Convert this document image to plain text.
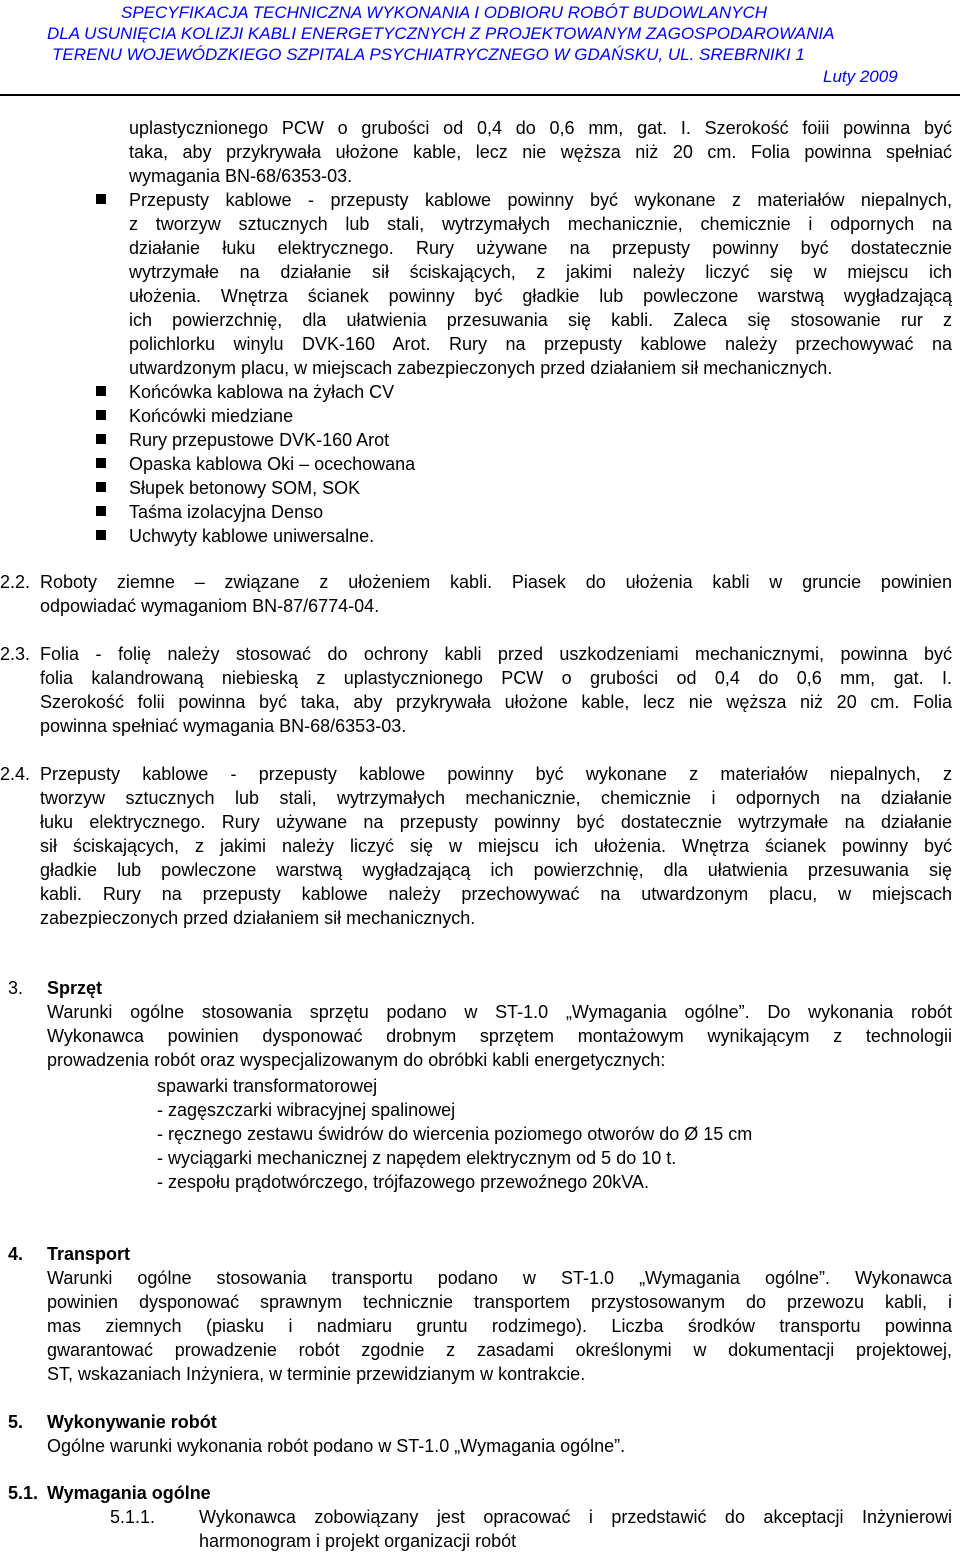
SPECYFIKACJA TECHNICZNA WYKONANIA I ODBIORU ROBÓT BUDOWLANYCH
DLA USUNIĘCIA KOLIZJI KABLI ENERGETYCZNYCH Z PROJEKTOWANYM ZAGOSPODAROWANIA
TERENU WOJEWÓDZKIEGO SZPITALA PSYCHIATRYCZNEGO W GDAŃSKU, UL. SREBRNIKI 1
Luty 2009

uplastycznionego PCW o grubości od 0,4 do 0,6 mm, gat. I. Szerokość foiii powinna być

taka, aby przykrywała ułożone kable, lecz nie węższa niż 20 cm. Folia powinna spełniać

wymagania BN-68/6353-03.

Przepusty kablowe - przepusty kablowe powinny być wykonane z materiałów niepalnych,

z tworzyw sztucznych lub stali, wytrzymałych mechanicznie, chemicznie i odpornych na

działanie łuku elektrycznego. Rury używane na przepusty powinny być dostatecznie

wytrzymałe na działanie sił ściskających, z jakimi należy liczyć się w miejscu ich

ułożenia. Wnętrza ścianek powinny być gładkie lub powleczone warstwą wygładzającą

ich powierzchnię, dla ułatwienia przesuwania się kabli. Zaleca się stosowanie rur z

polichlorku winylu DVK-160 Arot. Rury na przepusty kablowe należy przechowywać na

utwardzonym placu, w miejscach zabezpieczonych przed działaniem sił mechanicznych.

Końcówka kablowa na żyłach CV
Końcówki miedziane
Rury przepustowe DVK-160 Arot
Opaska kablowa Oki – ocechowana
Słupek betonowy SOM, SOK
Taśma izolacyjna Denso
Uchwyty kablowe uniwersalne.
2.2. Roboty ziemne – związane z ułożeniem kabli. Piasek do ułożenia kabli w gruncie powinien

odpowiadać wymaganiom BN-87/6774-04.

2.3. Folia - folię należy stosować do ochrony kabli przed uszkodzeniami mechanicznymi, powinna być

folia kalandrowaną niebieską z uplastycznionego PCW o grubości od 0,4 do 0,6 mm, gat. I.

Szerokość folii powinna być taka, aby przykrywała ułożone kable, lecz nie węższa niż 20 cm. Folia

powinna spełniać wymagania BN-68/6353-03.

2.4. Przepusty kablowe - przepusty kablowe powinny być wykonane z materiałów niepalnych, z

tworzyw sztucznych lub stali, wytrzymałych mechanicznie, chemicznie i odpornych na działanie

łuku elektrycznego. Rury używane na przepusty powinny być dostatecznie wytrzymałe na działanie

sił ściskających, z jakimi należy liczyć się w miejscu ich ułożenia. Wnętrza ścianek powinny być

gładkie lub powleczone warstwą wygładzającą ich powierzchnię, dla ułatwienia przesuwania się

kabli. Rury na przepusty kablowe należy przechowywać na utwardzonym placu, w miejscach

zabezpieczonych przed działaniem sił mechanicznych.

3. Sprzęt

Warunki ogólne stosowania sprzętu podano w ST-1.0 „Wymagania ogólne”. Do wykonania robót

Wykonawca powinien dysponować drobnym sprzętem montażowym wynikającym z technologii

prowadzenia robót oraz wyspecjalizowanym do obróbki kabli energetycznych:

spawarki transformatorowej
- zagęszczarki wibracyjnej spalinowej
- ręcznego zestawu świdrów do wiercenia poziomego otworów do Ø 15 cm
- wyciągarki mechanicznej z napędem elektrycznym od 5 do 10 t.
- zespołu prądotwórczego, trójfazowego przewoźnego 20kVA.
4. Transport

Warunki ogólne stosowania transportu podano w ST-1.0 „Wymagania ogólne”. Wykonawca

powinien dysponować sprawnym technicznie transportem przystosowanym do przewozu kabli, i

mas ziemnych (piasku i nadmiaru gruntu rodzimego). Liczba środków transportu powinna

gwarantować prowadzenie robót zgodnie z zasadami określonymi w dokumentacji projektowej,

ST, wskazaniach Inżyniera, w terminie przewidzianym w kontrakcie.

5. Wykonywanie robót

Ogólne warunki wykonania robót podano w ST-1.0 „Wymagania ogólne”.

5.1. Wymagania ogólne
5.1.1. Wykonawca zobowiązany jest opracować i przedstawić do akceptacji Inżynierowi

harmonogram i projekt organizacji robót
